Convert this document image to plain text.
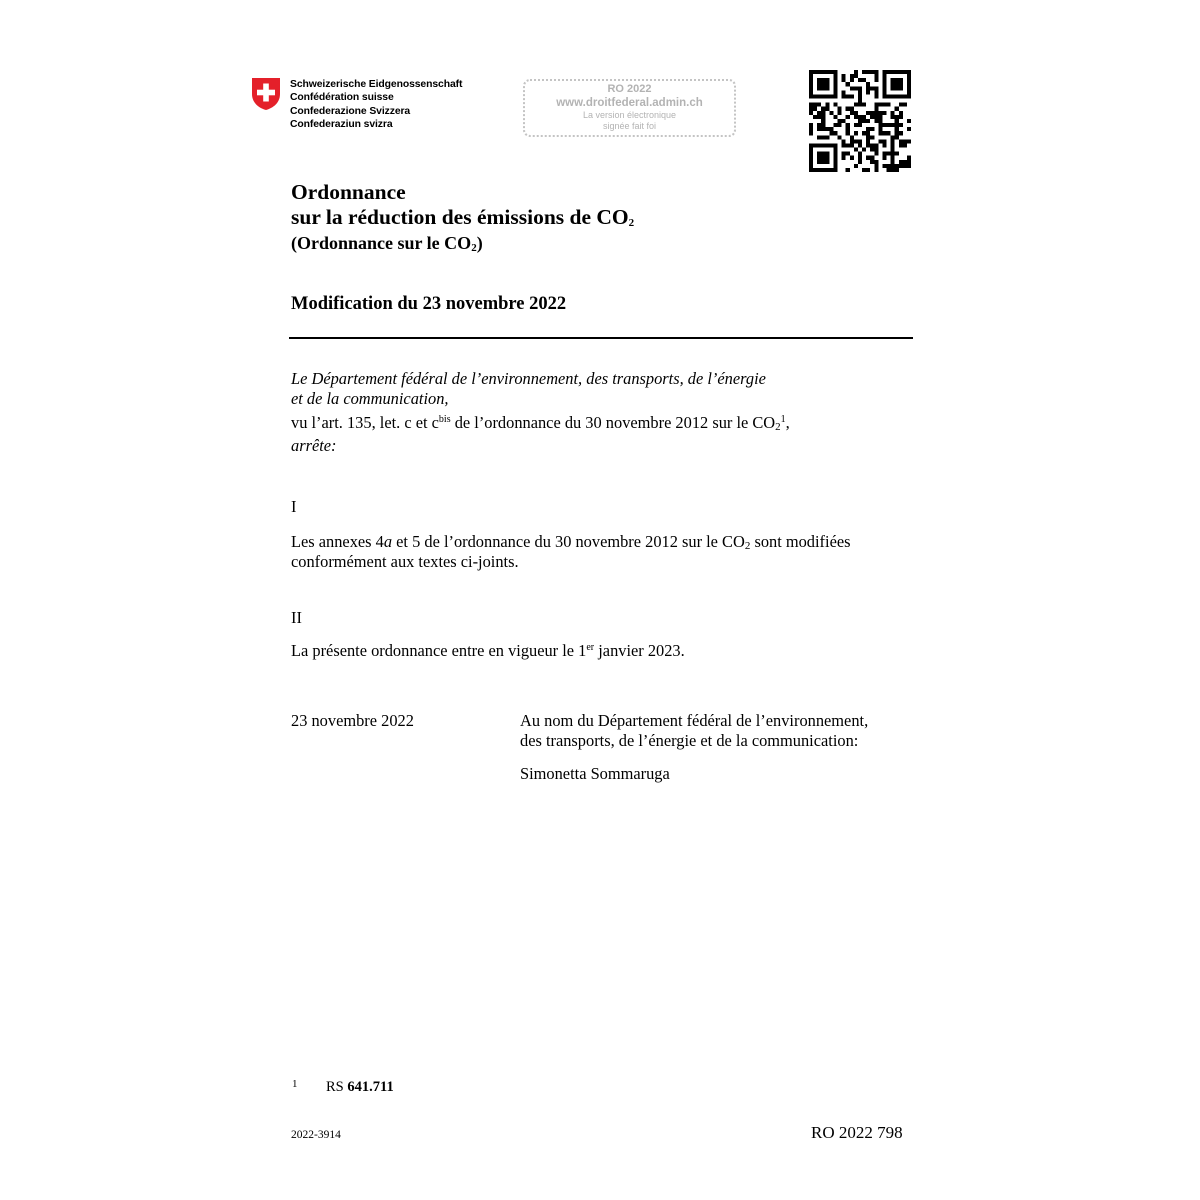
Schweizerische Eidgenossenschaft
Confédération suisse
Confederazione Svizzera
Confederaziun svizra
RO 2022
www.droitfederal.admin.ch
La version électronique
signée fait foi
Ordonnance
sur la réduction des émissions de $CO_2$
(Ordonnance sur le $CO_2$)
Modification du 23 novembre 2022
Le Département fédéral de l’environnement, des transports, de l’énergie
et de la communication,
vu l’art. 135, let. c et $c^{bis}$ de l’ordonnance du 30 novembre 2012 sur le $CO_2^1$,
arrête:
I
Les annexes 4a et 5 de l’ordonnance du 30 novembre 2012 sur le $CO_2$ sont modifiées
conformément aux textes ci-joints.
II
La présente ordonnance entre en vigueur le 1er janvier 2023.
23 novembre 2022	Au nom du Département fédéral de l’environnement,
des transports, de l’énergie et de la communication:
Simonetta Sommaruga
1 RS 641.711
2022-3914	RO 2022 798
